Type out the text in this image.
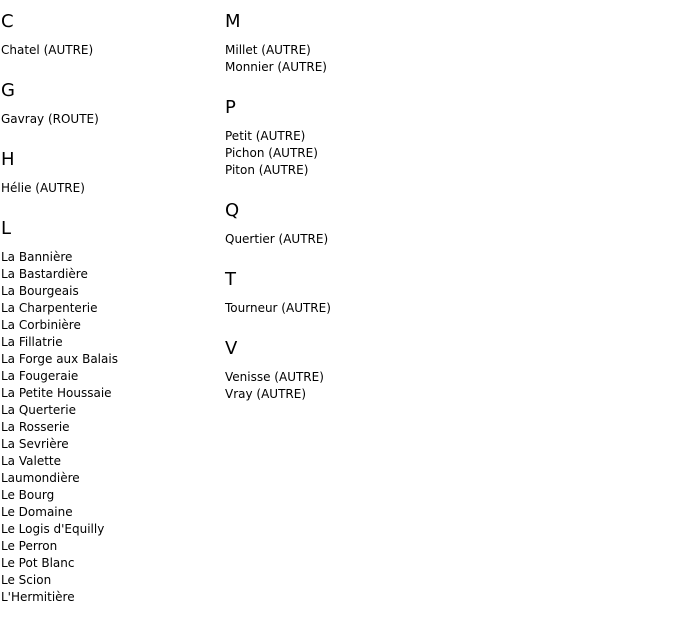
C
Chatel (AUTRE)
G
Gavray (ROUTE)
H
Hélie (AUTRE)
L
La Bannière
La Bastardière
La Bourgeais
La Charpenterie
La Corbinière
La Fillatrie
La Forge aux Balais
La Fougeraie
La Petite Houssaie
La Querterie
La Rosserie
La Sevrière
La Valette
Laumondière
Le Bourg
Le Domaine
Le Logis d'Equilly
Le Perron
Le Pot Blanc
Le Scion
L'Hermitière
M
Millet (AUTRE)
Monnier (AUTRE)
P
Petit (AUTRE)
Pichon (AUTRE)
Piton (AUTRE)
Q
Quertier (AUTRE)
T
Tourneur (AUTRE)
V
Venisse (AUTRE)
Vray (AUTRE)
